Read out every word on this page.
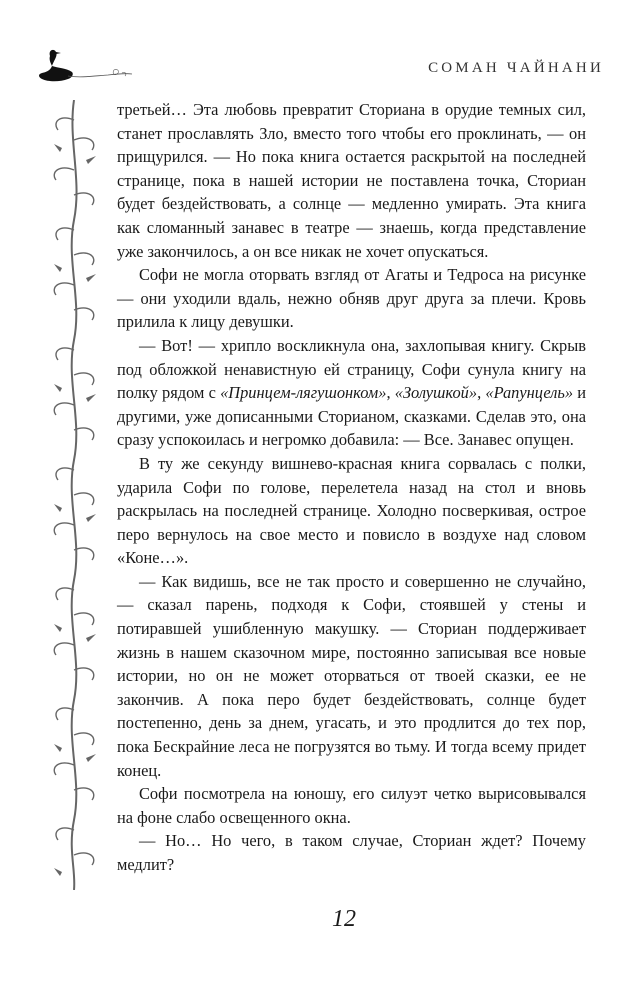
СОМАН ЧАЙНАНИ

третьей… Эта любовь превратит Сториана в орудие темных сил, станет прославлять Зло, вместо того чтобы его проклинать, — он прищурился. — Но пока книга остается раскрытой на последней странице, пока в нашей истории не поставлена точка, Сториан будет бездействовать, а солнце — медленно умирать. Эта книга как сломанный занавес в театре — знаешь, когда представление уже закончилось, а он все никак не хочет опускаться.

Софи не могла оторвать взгляд от Агаты и Тедроса на рисунке — они уходили вдаль, нежно обняв друг друга за плечи. Кровь прилила к лицу девушки.

— Вот! — хрипло воскликнула она, захлопывая книгу. Скрыв под обложкой ненавистную ей страницу, Софи сунула книгу на полку рядом с «Принцем-лягушонком», «Золушкой», «Рапунцель» и другими, уже дописанными Сторианом, сказками. Сделав это, она сразу успокоилась и негромко добавила: — Все. Занавес опущен.

В ту же секунду вишнево-красная книга сорвалась с полки, ударила Софи по голове, перелетела назад на стол и вновь раскрылась на последней странице. Холодно посверкивая, острое перо вернулось на свое место и повисло в воздухе над словом «Коне…».

— Как видишь, все не так просто и совершенно не случайно, — сказал парень, подходя к Софи, стоявшей у стены и потиравшей ушибленную макушку. — Сториан поддерживает жизнь в нашем сказочном мире, постоянно записывая все новые истории, но он не может оторваться от твоей сказки, ее не закончив. А пока перо будет бездействовать, солнце будет постепенно, день за днем, угасать, и это продлится до тех пор, пока Бескрайние леса не погрузятся во тьму. И тогда всему придет конец.

Софи посмотрела на юношу, его силуэт четко вырисовывался на фоне слабо освещенного окна.

— Но… Но чего, в таком случае, Сториан ждет? Почему медлит?

12
